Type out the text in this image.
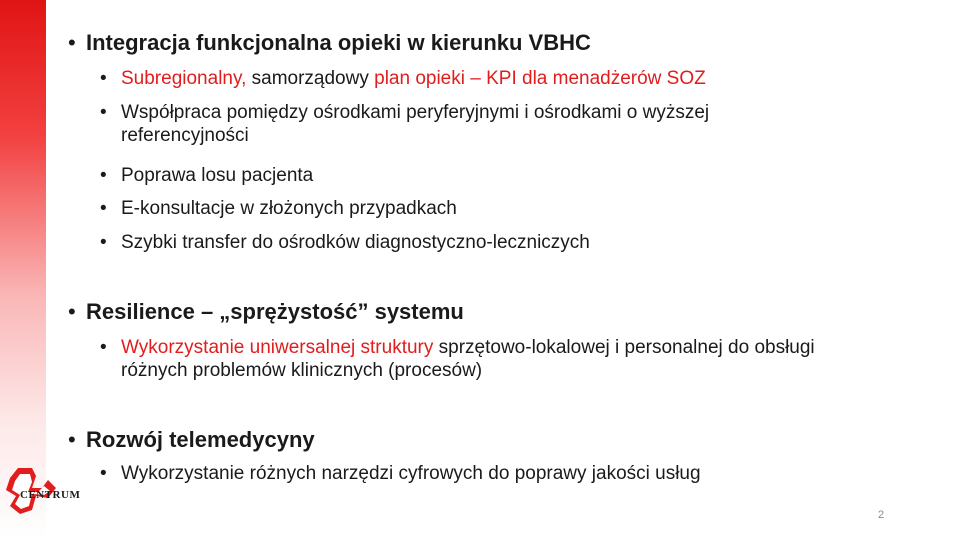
• Integracja funkcjonalna opieki w kierunku VBHC
• Subregionalny, samorządowy plan opieki – KPI dla menadżerów SOZ
• Współpraca pomiędzy ośrodkami peryferyjnymi i ośrodkami o wyższej referencyjności
• Poprawa losu pacjenta
• E-konsultacje w złożonych przypadkach
• Szybki transfer do ośrodków diagnostyczno-leczniczych
• Resilience – „sprężystość” systemu
• Wykorzystanie uniwersalnej struktury sprzętowo-lokalowej i personalnej do obsługi różnych problemów klinicznych (procesów)
• Rozwój telemedycyny
• Wykorzystanie różnych narzędzi cyfrowych do poprawy jakości usług
CENTRUM
2
